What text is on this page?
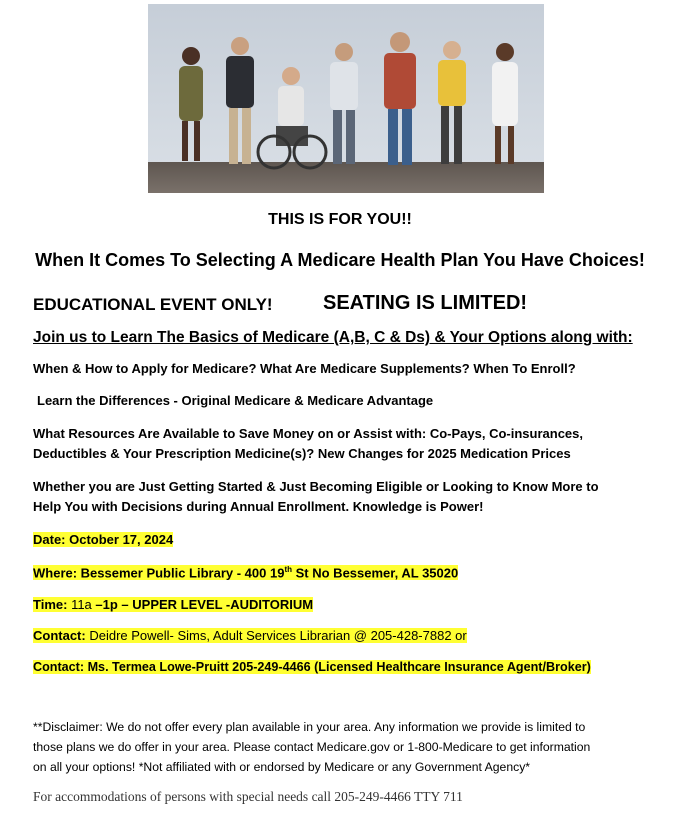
THIS IS FOR YOU!!
When It Comes To Selecting A Medicare Health Plan You Have Choices!
EDUCATIONAL EVENT ONLY!	SEATING IS LIMITED!
Join us to Learn The Basics of Medicare (A,B, C & Ds) & Your Options along with:
When & How to Apply for Medicare? What Are Medicare Supplements? When To Enroll?
Learn the Differences - Original Medicare & Medicare Advantage
What Resources Are Available to Save Money on or Assist with: Co-Pays, Co-insurances,
Deductibles & Your Prescription Medicine(s)? New Changes for 2025 Medication Prices
Whether you are Just Getting Started & Just Becoming Eligible or Looking to Know More to
Help You with Decisions during Annual Enrollment. Knowledge is Power!
Date: October 17, 2024
Where: Bessemer Public Library - 400 19th St No Bessemer, AL 35020
Time: 11a –1p – UPPER LEVEL -AUDITORIUM
Contact: Deidre Powell- Sims, Adult Services Librarian @ 205-428-7882 or
Contact: Ms. Termea Lowe-Pruitt 205-249-4466 (Licensed Healthcare Insurance Agent/Broker)
**Disclaimer: We do not offer every plan available in your area. Any information we provide is limited to
those plans we do offer in your area. Please contact Medicare.gov or 1-800-Medicare to get information
on all your options! *Not affiliated with or endorsed by Medicare or any Government Agency*
For accommodations of persons with special needs call 205-249-4466 TTY 711
